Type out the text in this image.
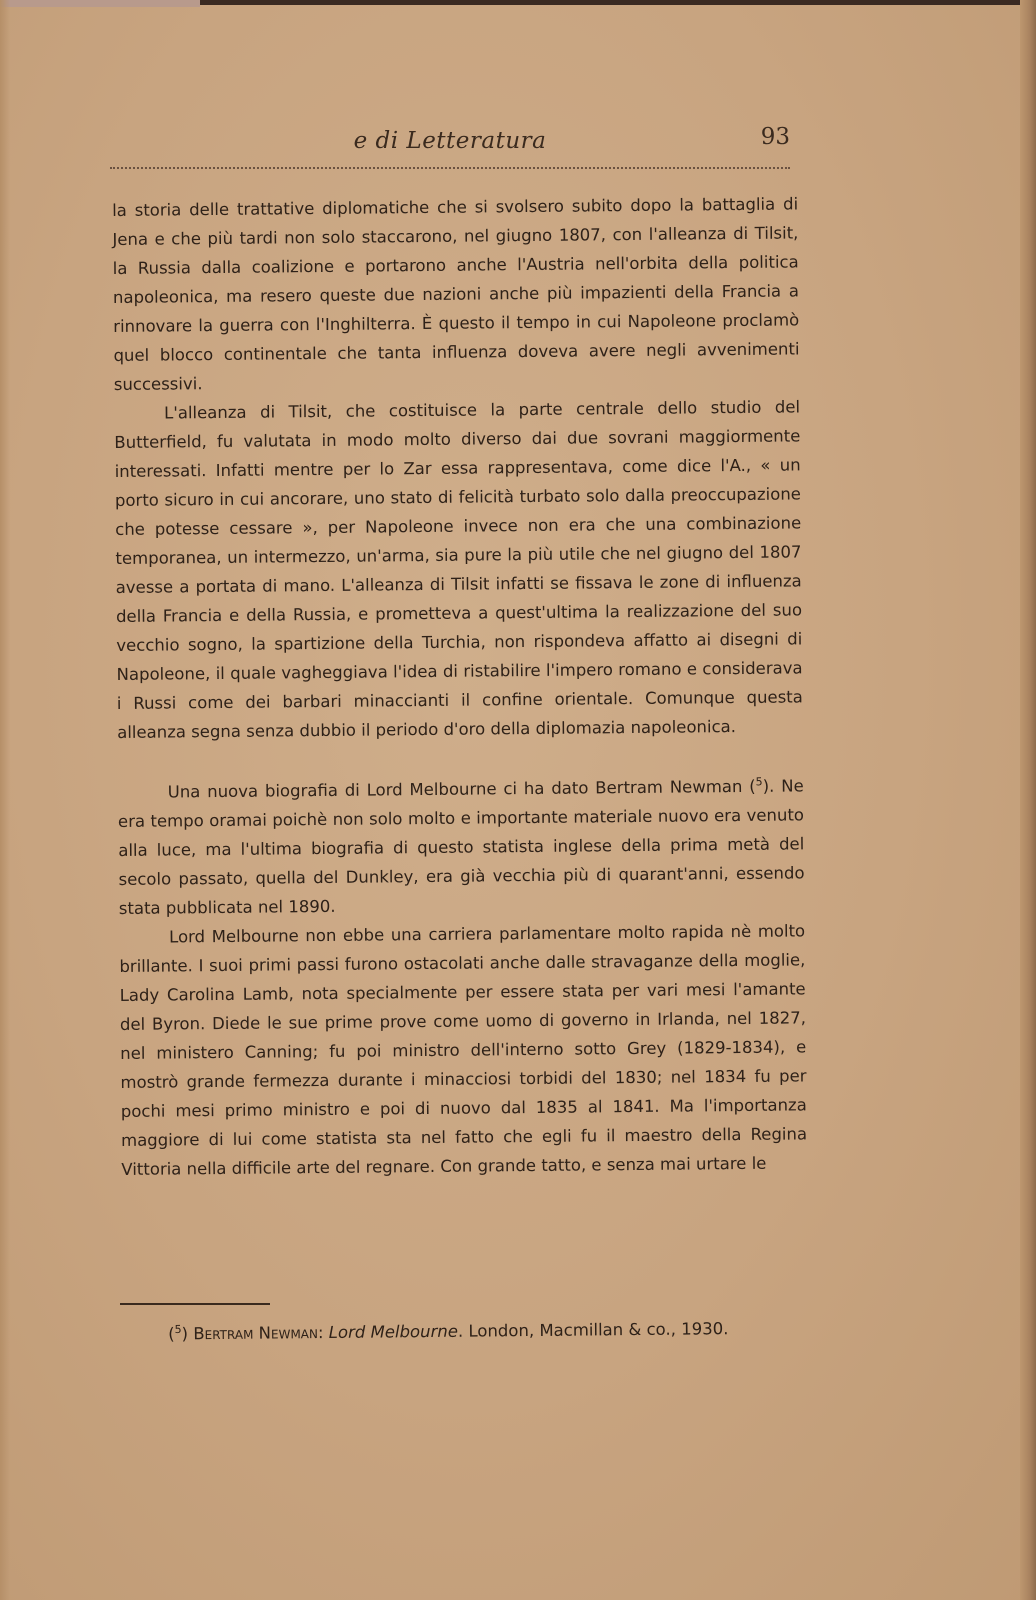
e di Letteratura	93

la storia delle trattative diplomatiche che si svolsero subito dopo la battaglia di Jena e che più tardi non solo staccarono, nel giugno 1807, con l'alleanza di Tilsit, la Russia dalla coalizione e portarono anche l'Austria nell'orbita della politica napoleonica, ma resero queste due nazioni anche più impazienti della Francia a rinnovare la guerra con l'Inghilterra. È questo il tempo in cui Napoleone proclamò quel blocco continentale che tanta influenza doveva avere negli avvenimenti successivi.

L'alleanza di Tilsit, che costituisce la parte centrale dello studio del Butterfield, fu valutata in modo molto diverso dai due sovrani maggiormente interessati. Infatti mentre per lo Zar essa rappresentava, come dice l'A., « un porto sicuro in cui ancorare, uno stato di felicità turbato solo dalla preoccupazione che potesse cessare », per Napoleone invece non era che una combinazione temporanea, un intermezzo, un'arma, sia pure la più utile che nel giugno del 1807 avesse a portata di mano. L'alleanza di Tilsit infatti se fissava le zone di influenza della Francia e della Russia, e prometteva a quest'ultima la realizzazione del suo vecchio sogno, la spartizione della Turchia, non rispondeva affatto ai disegni di Napoleone, il quale vagheggiava l'idea di ristabilire l'impero romano e considerava i Russi come dei barbari minaccianti il confine orientale. Comunque questa alleanza segna senza dubbio il periodo d'oro della diplomazia napoleonica.

Una nuova biografia di Lord Melbourne ci ha dato Bertram Newman ($^5$). Ne era tempo oramai poichè non solo molto e importante materiale nuovo era venuto alla luce, ma l'ultima biografia di questo statista inglese della prima metà del secolo passato, quella del Dunkley, era già vecchia più di quarant'anni, essendo stata pubblicata nel 1890.

Lord Melbourne non ebbe una carriera parlamentare molto rapida nè molto brillante. I suoi primi passi furono ostacolati anche dalle stravaganze della moglie, Lady Carolina Lamb, nota specialmente per essere stata per vari mesi l'amante del Byron. Diede le sue prime prove come uomo di governo in Irlanda, nel 1827, nel ministero Canning; fu poi ministro dell'interno sotto Grey (1829-1834), e mostrò grande fermezza durante i minacciosi torbidi del 1830; nel 1834 fu per pochi mesi primo ministro e poi di nuovo dal 1835 al 1841. Ma l'importanza maggiore di lui come statista sta nel fatto che egli fu il maestro della Regina Vittoria nella difficile arte del regnare. Con grande tatto, e senza mai urtare le

($^5$) Bertram Newman: Lord Melbourne. London, Macmillan & co., 1930.
